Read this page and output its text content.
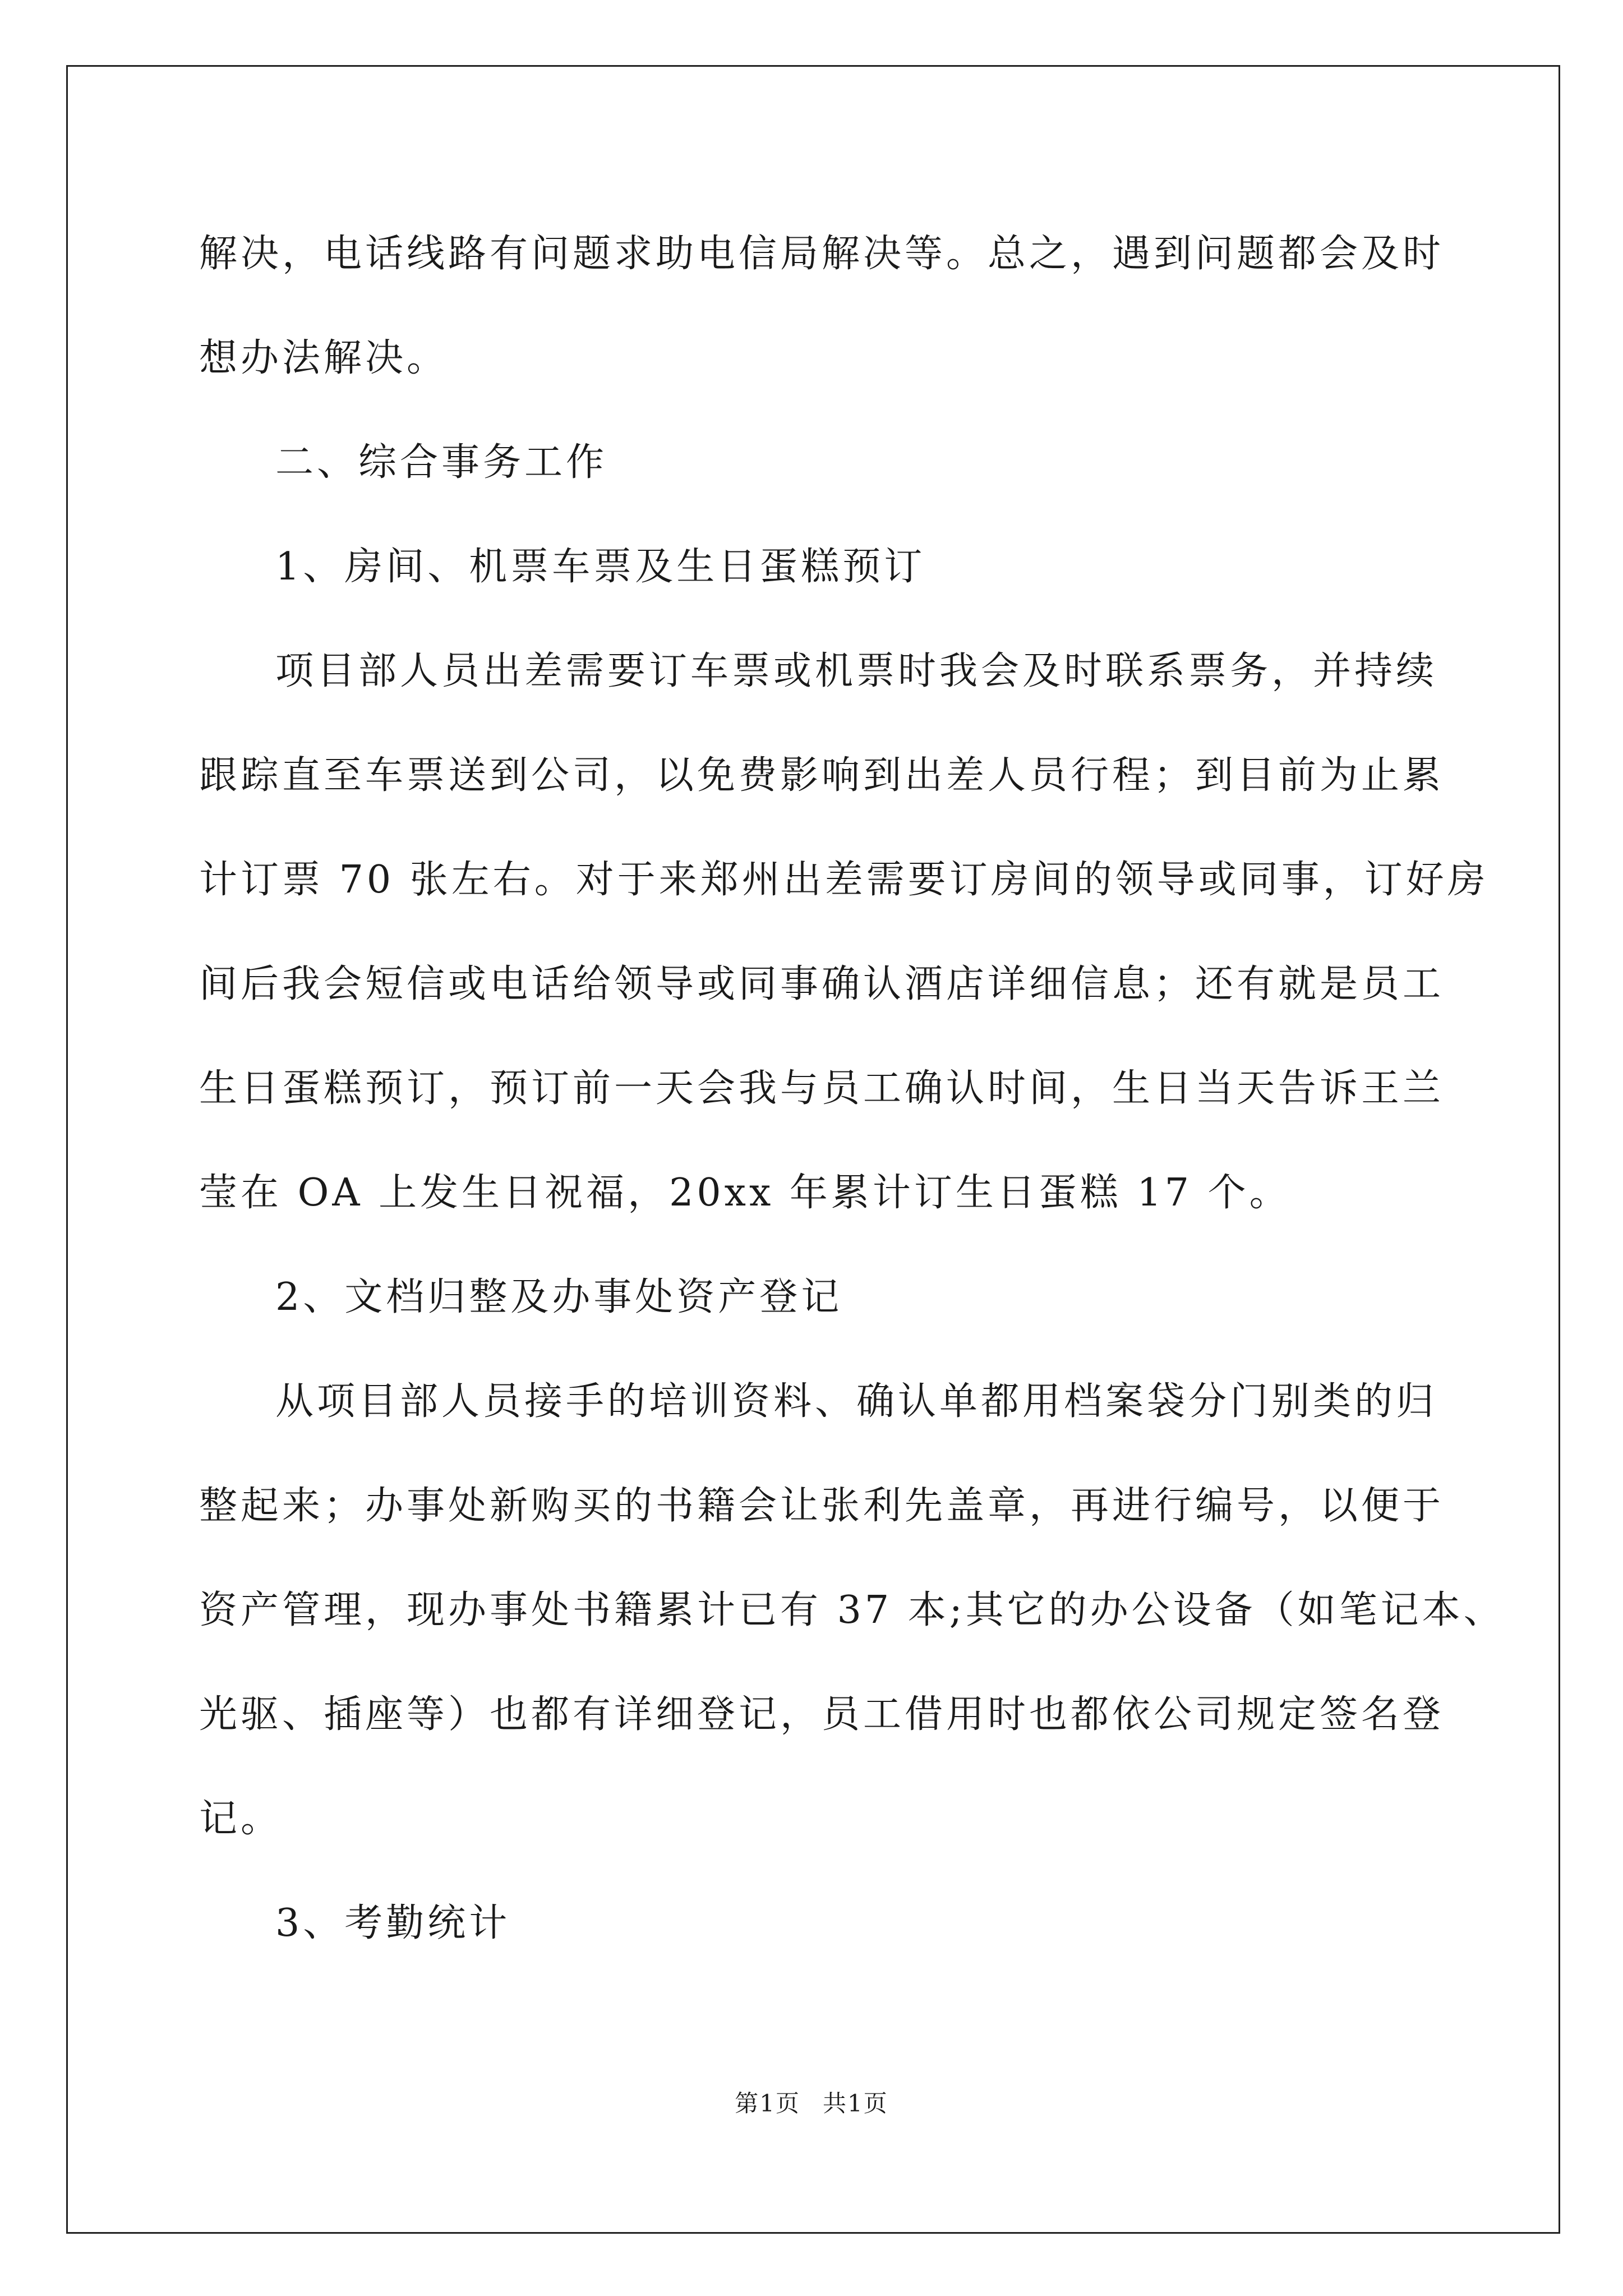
解决，电话线路有问题求助电信局解决等。总之，遇到问题都会及时
想办法解决。
二、综合事务工作
1、房间、机票车票及生日蛋糕预订
项目部人员出差需要订车票或机票时我会及时联系票务，并持续
跟踪直至车票送到公司，以免费影响到出差人员行程；到目前为止累
计订票 70 张左右。对于来郑州出差需要订房间的领导或同事，订好房
间后我会短信或电话给领导或同事确认酒店详细信息；还有就是员工
生日蛋糕预订，预订前一天会我与员工确认时间，生日当天告诉王兰
莹在 OA 上发生日祝福，20xx 年累计订生日蛋糕 17 个。
2、文档归整及办事处资产登记
从项目部人员接手的培训资料、确认单都用档案袋分门别类的归
整起来；办事处新购买的书籍会让张利先盖章，再进行编号，以便于
资产管理，现办事处书籍累计已有 37 本;其它的办公设备（如笔记本、
光驱、插座等）也都有详细登记，员工借用时也都依公司规定签名登
记。
3、考勤统计
第1页 共1页
